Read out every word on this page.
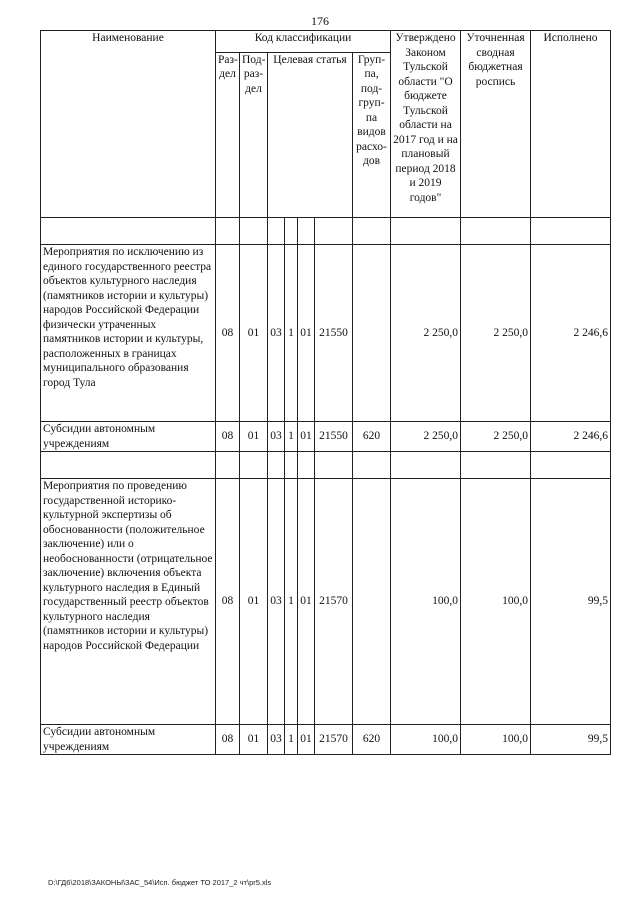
176
Наименование	Код классификации							Утверждено Законом Тульской области "О бюджете Тульской области на 2017 год и на плановый период 2018 и 2019 годов"	Уточненная сводная бюджетная роспись	Исполнено
	Раз-дел	Под-раз-дел	Целевая статья				Груп-па, под-груп-па видов расхо-дов			

Мероприятия по исключению из единого государственного реестра объектов культурного наследия (памятников истории и культуры) народов Российской Федерации физически утраченных памятников истории и культуры, расположенных в границах муниципального образования город Тула	08	01	03	1	01	21550		2 250,0	2 250,0	2 246,6
Субсидии автономным учреждениям	08	01	03	1	01	21550	620	2 250,0	2 250,0	2 246,6

Мероприятия по проведению государственной историко-культурной экспертизы об обоснованности (положительное заключение) или о необоснованности (отрицательное заключение) включения объекта культурного наследия в Единый государственный реестр объектов культурного наследия (памятников истории и культуры) народов Российской Федерации	08	01	03	1	01	21570		100,0	100,0	99,5
Субсидии автономным учреждениям	08	01	03	1	01	21570	620	100,0	100,0	99,5
D:\ГД6\2018\ЗАКОНЫ\ЗАС_54\Исп. бюджет ТО 2017_2 чт\pr5.xls
